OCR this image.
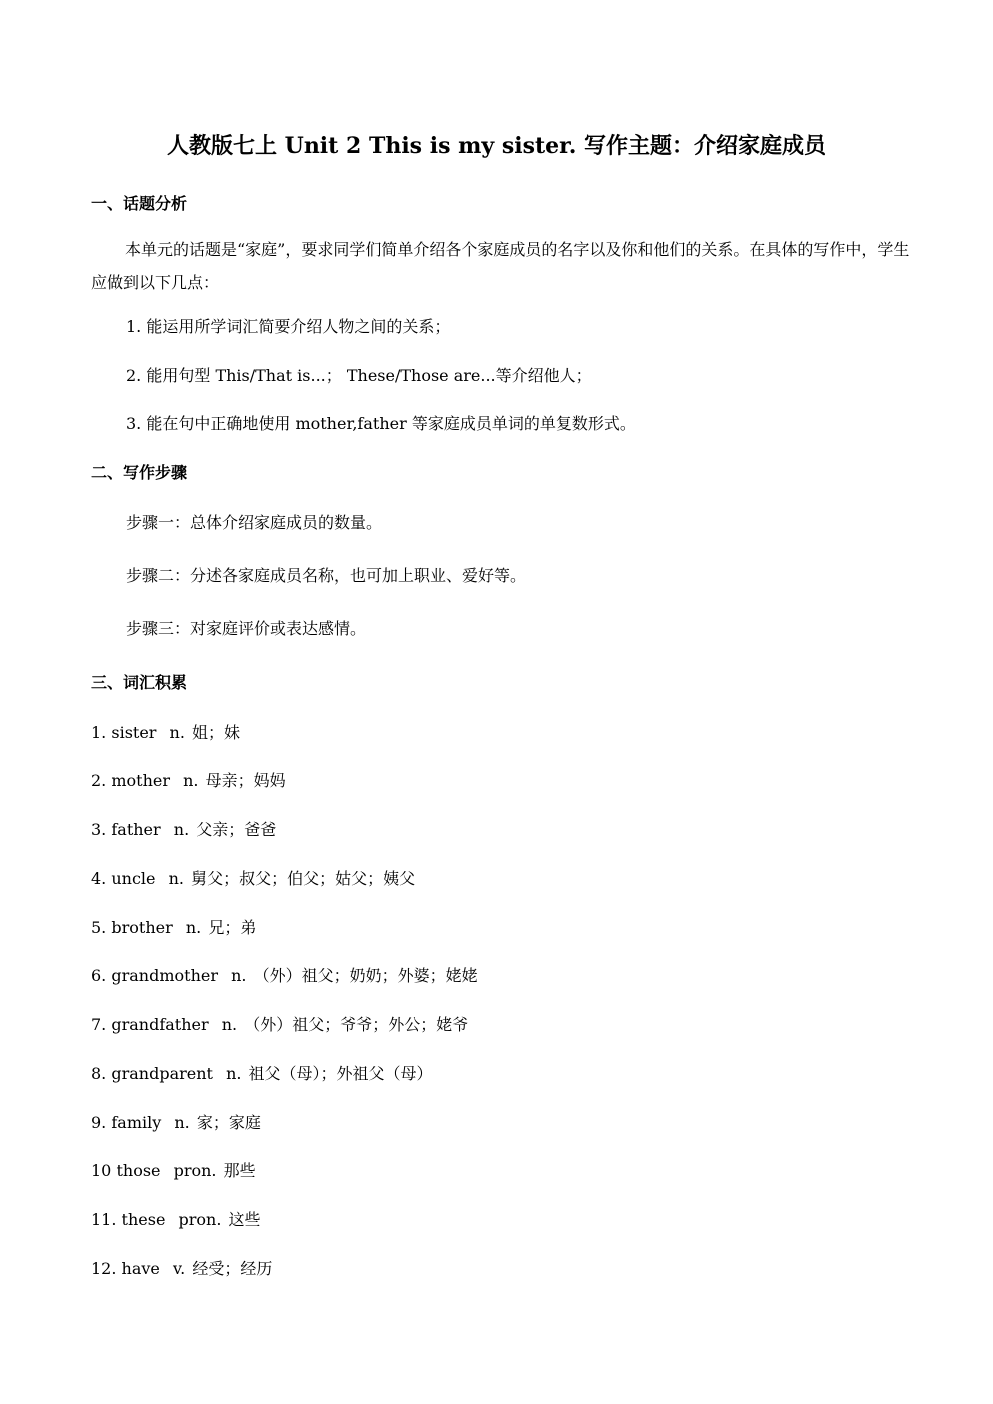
人教版七上 Unit 2 This is my sister. 写作主题：介绍家庭成员
一、话题分析
本单元的话题是“家庭”，要求同学们简单介绍各个家庭成员的名字以及你和他们的关系。在具体的写作中，学生应做到以下几点：
1. 能运用所学词汇简要介绍人物之间的关系；
2. 能用句型 This/That is...； These/Those are...等介绍他人；
3. 能在句中正确地使用 mother,father 等家庭成员单词的单复数形式。
二、写作步骤
步骤一：总体介绍家庭成员的数量。
步骤二：分述各家庭成员名称，也可加上职业、爱好等。
步骤三：对家庭评价或表达感情。
三、词汇积累
1. sister n. 姐；妹
2. mother n. 母亲；妈妈
3. father n. 父亲；爸爸
4. uncle n. 舅父；叔父；伯父；姑父；姨父
5. brother n. 兄；弟
6. grandmother n. （外）祖父；奶奶；外婆；姥姥
7. grandfather n. （外）祖父；爷爷；外公；姥爷
8. grandparent n. 祖父（母）；外祖父（母）
9. family n. 家；家庭
10 those pron. 那些
11. these pron. 这些
12. have v. 经受；经历
